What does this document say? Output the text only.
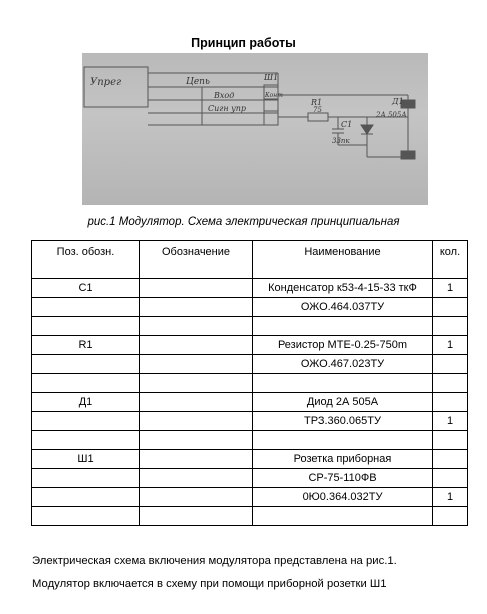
Принцип работы
Упрег	Цепь	Ш1
Вход
Сигн упр
Конт
R1
75
C1
33пк
Д1
2А 505А
рис.1 Модулятор. Схема электрическая принципиальная
Поз. обозн.	Обозначение	Наименование	кол.
C1		Конденсатор к53-4-15-33 ткФ	1
		ОЖО.464.037ТУ	

R1		Резистор МТЕ-0.25-750m	1
		ОЖО.467.023ТУ	

Д1		Диод 2А 505А	
		ТРЗ.360.065ТУ	1

Ш1		Розетка приборная	
		СР-75-110ФВ	
		0Ю0.364.032ТУ	1

Электрическая схема включения модулятора представлена на рис.1.
Модулятор включается в схему при помощи приборной розетки Ш1
